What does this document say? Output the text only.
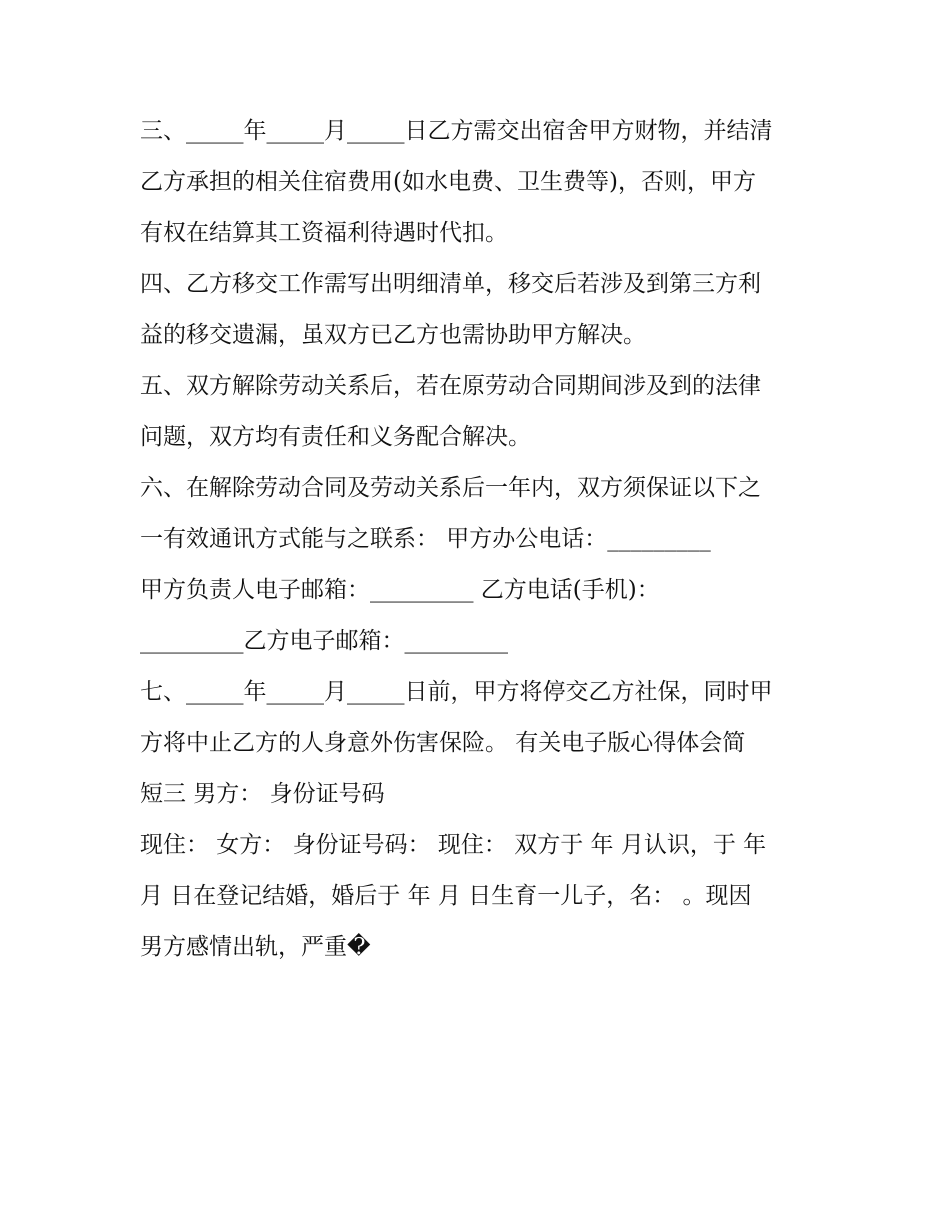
三、_____年_____月_____日乙方需交出宿舍甲方财物，并结清
乙方承担的相关住宿费用(如水电费、卫生费等)，否则，甲方
有权在结算其工资福利待遇时代扣。
四、乙方移交工作需写出明细清单，移交后若涉及到第三方利
益的移交遗漏，虽双方已乙方也需协助甲方解决。
五、双方解除劳动关系后，若在原劳动合同期间涉及到的法律
问题，双方均有责任和义务配合解决。
六、在解除劳动合同及劳动关系后一年内，双方须保证以下之
一有效通讯方式能与之联系： 甲方办公电话：_________
甲方负责人电子邮箱：_________ 乙方电话(手机)：
_________乙方电子邮箱：_________
七、_____年_____月_____日前，甲方将停交乙方社保，同时甲
方将中止乙方的人身意外伤害保险。 有关电子版心得体会简
短三 男方： 身份证号码
现住： 女方： 身份证号码： 现住： 双方于 年 月认识，于 年
月 日在登记结婚，婚后于 年 月 日生育一儿子，名： 。现因
男方感情出轨，严重�
